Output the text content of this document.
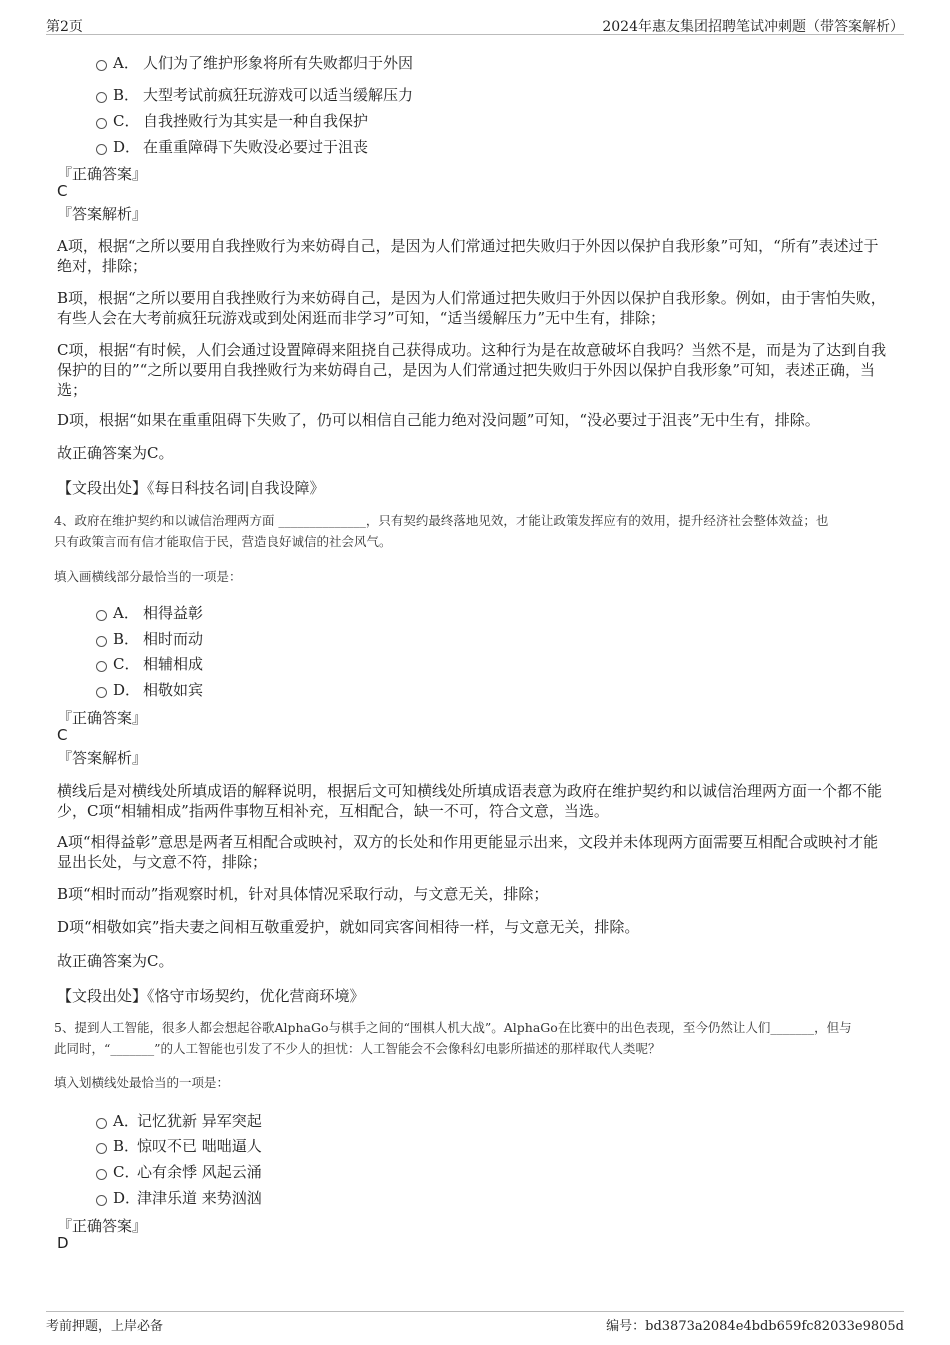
第2页	2024年惠友集团招聘笔试冲刺题（带答案解析）
A． 人们为了维护形象将所有失败都归于外因
B． 大型考试前疯狂玩游戏可以适当缓解压力
C． 自我挫败行为其实是一种自我保护
D． 在重重障碍下失败没必要过于沮丧
『正确答案』
C
『答案解析』
A项，根据“之所以要用自我挫败行为来妨碍自己，是因为人们常通过把失败归于外因以保护自我形象”可知，“所有”表述过于绝对，排除；
B项，根据“之所以要用自我挫败行为来妨碍自己，是因为人们常通过把失败归于外因以保护自我形象。例如，由于害怕失败，有些人会在大考前疯狂玩游戏或到处闲逛而非学习”可知，“适当缓解压力”无中生有，排除；
C项，根据“有时候，人们会通过设置障碍来阻挠自己获得成功。这种行为是在故意破坏自我吗？当然不是，而是为了达到自我保护的目的”“之所以要用自我挫败行为来妨碍自己，是因为人们常通过把失败归于外因以保护自我形象”可知，表述正确，当选；
D项，根据“如果在重重阻碍下失败了，仍可以相信自己能力绝对没问题”可知，“没必要过于沮丧”无中生有，排除。
故正确答案为C。
【文段出处】《每日科技名词|自我设障》
4、政府在维护契约和以诚信治理两方面 ______________，只有契约最终落地见效，才能让政策发挥应有的效用，提升经济社会整体效益；也
只有政策言而有信才能取信于民，营造良好诚信的社会风气。
填入画横线部分最恰当的一项是：
A． 相得益彰
B． 相时而动
C． 相辅相成
D． 相敬如宾
『正确答案』
C
『答案解析』
横线后是对横线处所填成语的解释说明，根据后文可知横线处所填成语表意为政府在维护契约和以诚信治理两方面一个都不能少，C项“相辅相成”指两件事物互相补充，互相配合，缺一不可，符合文意，当选。
A项“相得益彰”意思是两者互相配合或映衬，双方的长处和作用更能显示出来，文段并未体现两方面需要互相配合或映衬才能显出长处，与文意不符，排除；
B项“相时而动”指观察时机，针对具体情况采取行动，与文意无关，排除；
D项“相敬如宾”指夫妻之间相互敬重爱护，就如同宾客间相待一样，与文意无关，排除。
故正确答案为C。
【文段出处】《恪守市场契约，优化营商环境》
5、提到人工智能，很多人都会想起谷歌AlphaGo与棋手之间的“围棋人机大战”。AlphaGo在比赛中的出色表现，至今仍然让人们_______，但与
此同时，“_______”的人工智能也引发了不少人的担忧：人工智能会不会像科幻电影所描述的那样取代人类呢？
填入划横线处最恰当的一项是：
A．记忆犹新 异军突起
B．惊叹不已 咄咄逼人
C．心有余悸 风起云涌
D．津津乐道 来势汹汹
『正确答案』
D
考前押题，上岸必备	编号：bd3873a2084e4bdb659fc82033e9805d
